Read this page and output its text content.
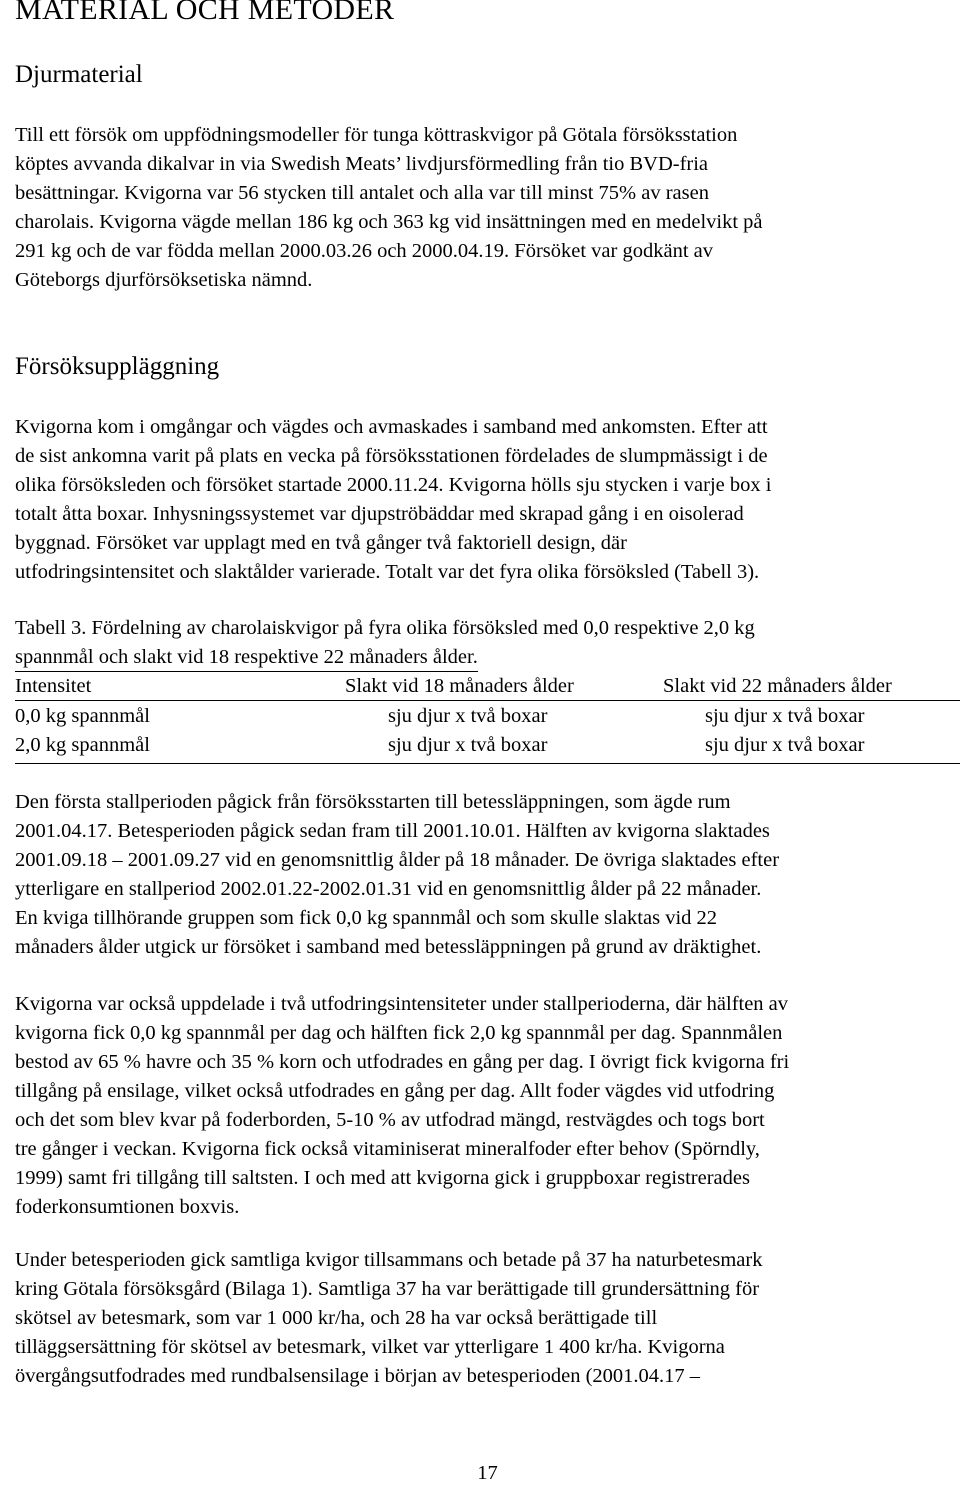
MATERIAL OCH METODER
Djurmaterial
Till ett försök om uppfödningsmodeller för tunga köttraskvigor på Götala försöksstation
köptes avvanda dikalvar in via Swedish Meats’ livdjursförmedling från tio BVD-fria
besättningar. Kvigorna var 56 stycken till antalet och alla var till minst 75% av rasen
charolais. Kvigorna vägde mellan 186 kg och 363 kg vid insättningen med en medelvikt på
291 kg och de var födda mellan 2000.03.26 och 2000.04.19. Försöket var godkänt av
Göteborgs djurförsöksetiska nämnd.
Försöksuppläggning
Kvigorna kom i omgångar och vägdes och avmaskades i samband med ankomsten. Efter att
de sist ankomna varit på plats en vecka på försöksstationen fördelades de slumpmässigt i de
olika försöksleden och försöket startade 2000.11.24. Kvigorna hölls sju stycken i varje box i
totalt åtta boxar. Inhysningssystemet var djupströbäddar med skrapad gång i en oisolerad
byggnad. Försöket var upplagt med en två gånger två faktoriell design, där
utfodringsintensitet och slaktålder varierade. Totalt var det fyra olika försöksled (Tabell 3).
Tabell 3. Fördelning av charolaiskvigor på fyra olika försöksled med 0,0 respektive 2,0 kg
spannmål och slakt vid 18 respektive 22 månaders ålder.
Intensitet	Slakt vid 18 månaders ålder	Slakt vid 22 månaders ålder
0,0 kg spannmål	sju djur x två boxar	sju djur x två boxar
2,0 kg spannmål	sju djur x två boxar	sju djur x två boxar
Den första stallperioden pågick från försöksstarten till betessläppningen, som ägde rum
2001.04.17. Betesperioden pågick sedan fram till 2001.10.01. Hälften av kvigorna slaktades
2001.09.18 – 2001.09.27 vid en genomsnittlig ålder på 18 månader. De övriga slaktades efter
ytterligare en stallperiod 2002.01.22-2002.01.31 vid en genomsnittlig ålder på 22 månader.
En kviga tillhörande gruppen som fick 0,0 kg spannmål och som skulle slaktas vid 22
månaders ålder utgick ur försöket i samband med betessläppningen på grund av dräktighet.
Kvigorna var också uppdelade i två utfodringsintensiteter under stallperioderna, där hälften av
kvigorna fick 0,0 kg spannmål per dag och hälften fick 2,0 kg spannmål per dag. Spannmålen
bestod av 65 % havre och 35 % korn och utfodrades en gång per dag. I övrigt fick kvigorna fri
tillgång på ensilage, vilket också utfodrades en gång per dag. Allt foder vägdes vid utfodring
och det som blev kvar på foderborden, 5-10 % av utfodrad mängd, restvägdes och togs bort
tre gånger i veckan. Kvigorna fick också vitaminiserat mineralfoder efter behov (Spörndly,
1999) samt fri tillgång till saltsten. I och med att kvigorna gick i gruppboxar registrerades
foderkonsumtionen boxvis.
Under betesperioden gick samtliga kvigor tillsammans och betade på 37 ha naturbetesmark
kring Götala försöksgård (Bilaga 1). Samtliga 37 ha var berättigade till grundersättning för
skötsel av betesmark, som var 1 000 kr/ha, och 28 ha var också berättigade till
tilläggsersättning för skötsel av betesmark, vilket var ytterligare 1 400 kr/ha. Kvigorna
övergångsutfodrades med rundbalsensilage i början av betesperioden (2001.04.17 –
17
